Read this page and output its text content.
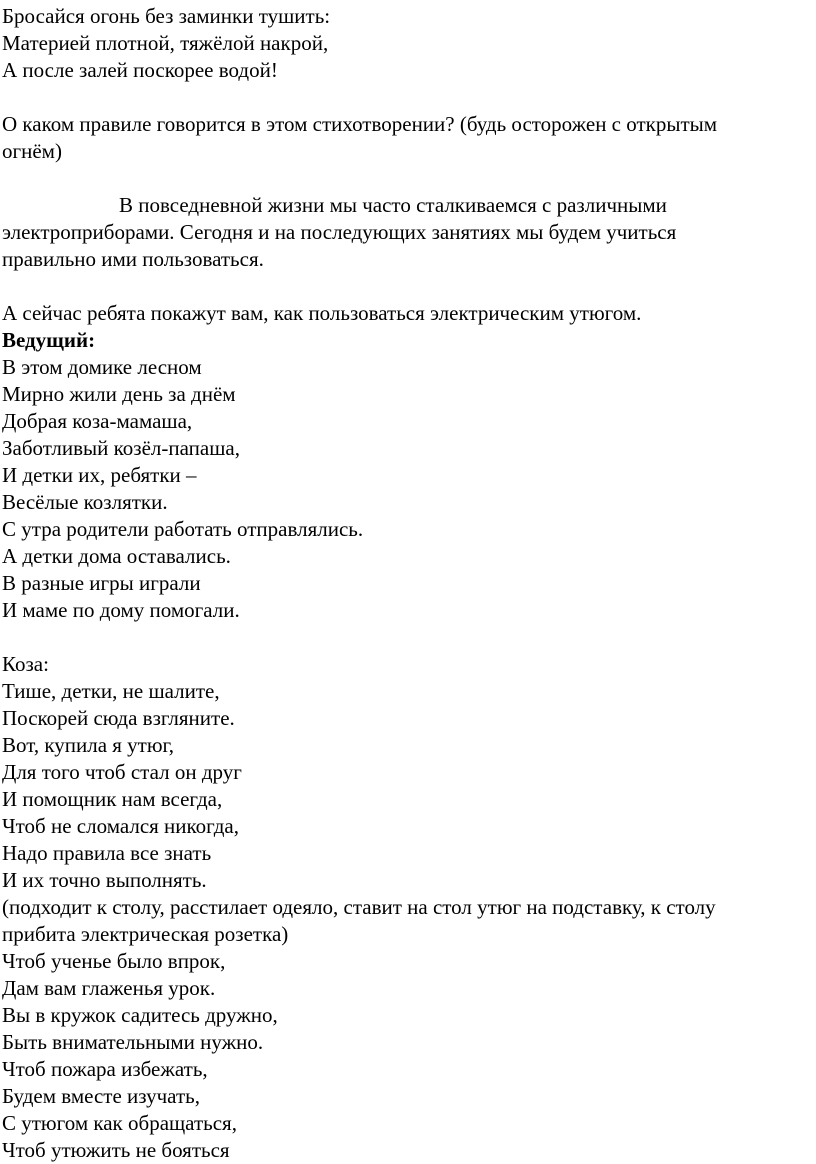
Бросайся огонь без заминки тушить:

Материей плотной, тяжёлой накрой,

А после залей поскорее водой!

О каком правиле говорится в этом стихотворении? (будь осторожен с открытым

огнём)

В повседневной жизни мы часто сталкиваемся с различными

электроприборами. Сегодня и на последующих занятиях мы будем учиться

правильно ими пользоваться.

А сейчас ребята покажут вам, как пользоваться электрическим утюгом.

Ведущий:

В этом домике лесном

Мирно жили день за днём

Добрая коза-мамаша,

Заботливый козёл-папаша,

И детки их, ребятки –

Весёлые козлятки.

С утра родители работать отправлялись.

А детки дома оставались.

В разные игры играли

И маме по дому помогали.

Коза:

Тише, детки, не шалите,

Поскорей сюда взгляните.

Вот, купила я утюг,

Для того чтоб стал он друг

И помощник нам всегда,

Чтоб не сломался никогда,

Надо правила все знать

И их точно выполнять.

(подходит к столу, расстилает одеяло, ставит на стол утюг на подставку, к столу

прибита электрическая розетка)

Чтоб ученье было впрок,

Дам вам глаженья урок.

Вы в кружок садитесь дружно,

Быть внимательными нужно.

Чтоб пожара избежать,

Будем вместе изучать,

С утюгом как обращаться,

Чтоб утюжить не бояться
